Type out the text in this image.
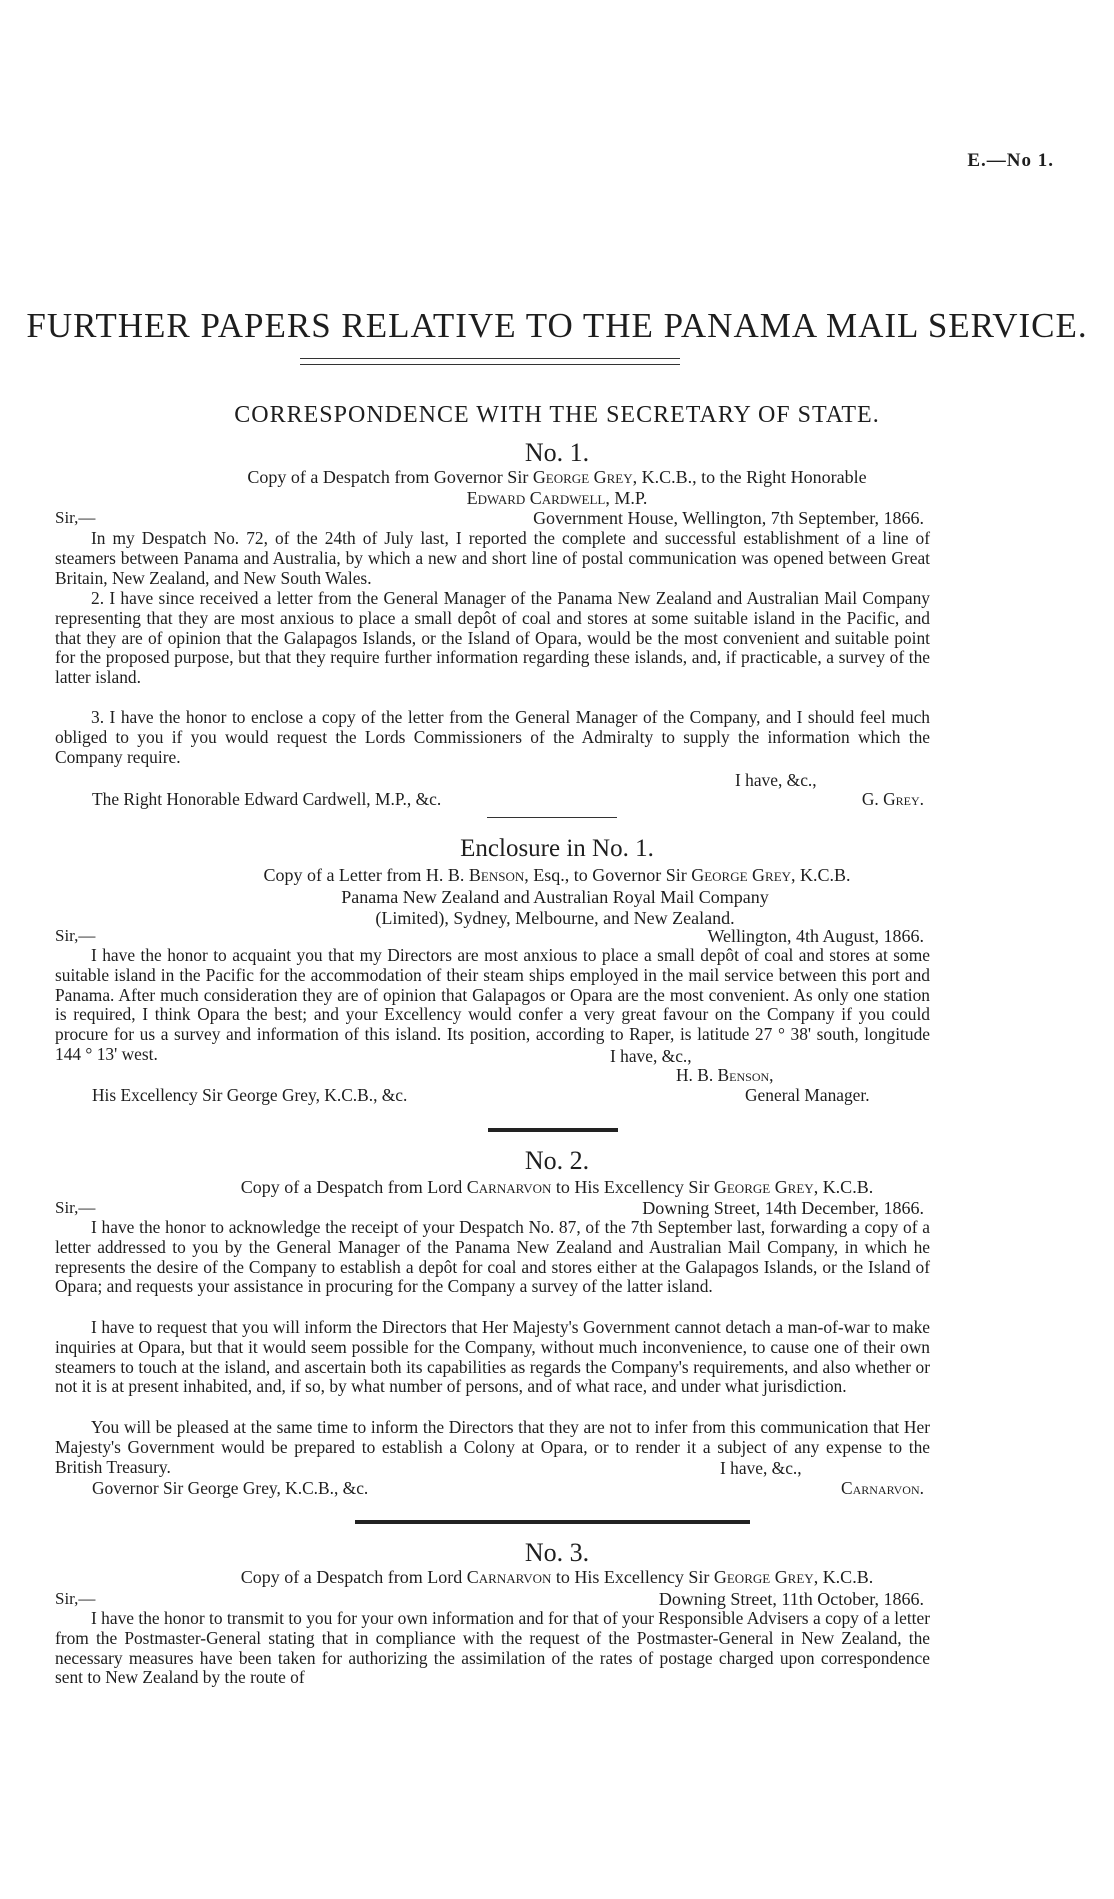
E.—No 1.
FURTHER PAPERS RELATIVE TO THE PANAMA MAIL SERVICE.
CORRESPONDENCE WITH THE SECRETARY OF STATE.
No. 1.
Copy of a Despatch from Governor Sir George Grey, K.C.B., to the Right Honorable
Edward Cardwell, M.P.
Sir,—	Government House, Wellington, 7th September, 1866.
In my Despatch No. 72, of the 24th of July last, I reported the complete and successful establishment of a line of steamers between Panama and Australia, by which a new and short line of postal communication was opened between Great Britain, New Zealand, and New South Wales.
2. I have since received a letter from the General Manager of the Panama New Zealand and Australian Mail Company representing that they are most anxious to place a small depôt of coal and stores at some suitable island in the Pacific, and that they are of opinion that the Galapagos Islands, or the Island of Opara, would be the most convenient and suitable point for the proposed purpose, but that they require further information regarding these islands, and, if practicable, a survey of the latter island.
3. I have the honor to enclose a copy of the letter from the General Manager of the Company, and I should feel much obliged to you if you would request the Lords Commissioners of the Admiralty to supply the information which the Company require.
I have, &c.,
The Right Honorable Edward Cardwell, M.P., &c.	G. Grey.
Enclosure in No. 1.
Copy of a Letter from H. B. Benson, Esq., to Governor Sir George Grey, K.C.B.
Panama New Zealand and Australian Royal Mail Company (Limited), Sydney, Melbourne, and New Zealand.
Sir,—	Wellington, 4th August, 1866.
I have the honor to acquaint you that my Directors are most anxious to place a small depôt of coal and stores at some suitable island in the Pacific for the accommodation of their steam ships employed in the mail service between this port and Panama. After much consideration they are of opinion that Galapagos or Opara are the most convenient. As only one station is required, I think Opara the best; and your Excellency would confer a very great favour on the Company if you could procure for us a survey and information of this island. Its position, according to Raper, is latitude 27 ° 38' south, longitude 144 ° 13' west.	I have, &c.,
H. B. Benson,
His Excellency Sir George Grey, K.C.B., &c.	General Manager.
No. 2.
Copy of a Despatch from Lord Carnarvon to His Excellency Sir George Grey, K.C.B.
Sir,—	Downing Street, 14th December, 1866.
I have the honor to acknowledge the receipt of your Despatch No. 87, of the 7th September last, forwarding a copy of a letter addressed to you by the General Manager of the Panama New Zealand and Australian Mail Company, in which he represents the desire of the Company to establish a depôt for coal and stores either at the Galapagos Islands, or the Island of Opara; and requests your assistance in procuring for the Company a survey of the latter island.
I have to request that you will inform the Directors that Her Majesty's Government cannot detach a man-of-war to make inquiries at Opara, but that it would seem possible for the Company, without much inconvenience, to cause one of their own steamers to touch at the island, and ascertain both its capabilities as regards the Company's requirements, and also whether or not it is at present inhabited, and, if so, by what number of persons, and of what race, and under what jurisdiction.
You will be pleased at the same time to inform the Directors that they are not to infer from this communication that Her Majesty's Government would be prepared to establish a Colony at Opara, or to render it a subject of any expense to the British Treasury.	I have, &c.,
Governor Sir George Grey, K.C.B., &c.	Carnarvon.
No. 3.
Copy of a Despatch from Lord Carnarvon to His Excellency Sir George Grey, K.C.B.
Sir,—	Downing Street, 11th October, 1866.
I have the honor to transmit to you for your own information and for that of your Responsible Advisers a copy of a letter from the Postmaster-General stating that in compliance with the request of the Postmaster-General in New Zealand, the necessary measures have been taken for authorizing the assimilation of the rates of postage charged upon correspondence sent to New Zealand by the route of
